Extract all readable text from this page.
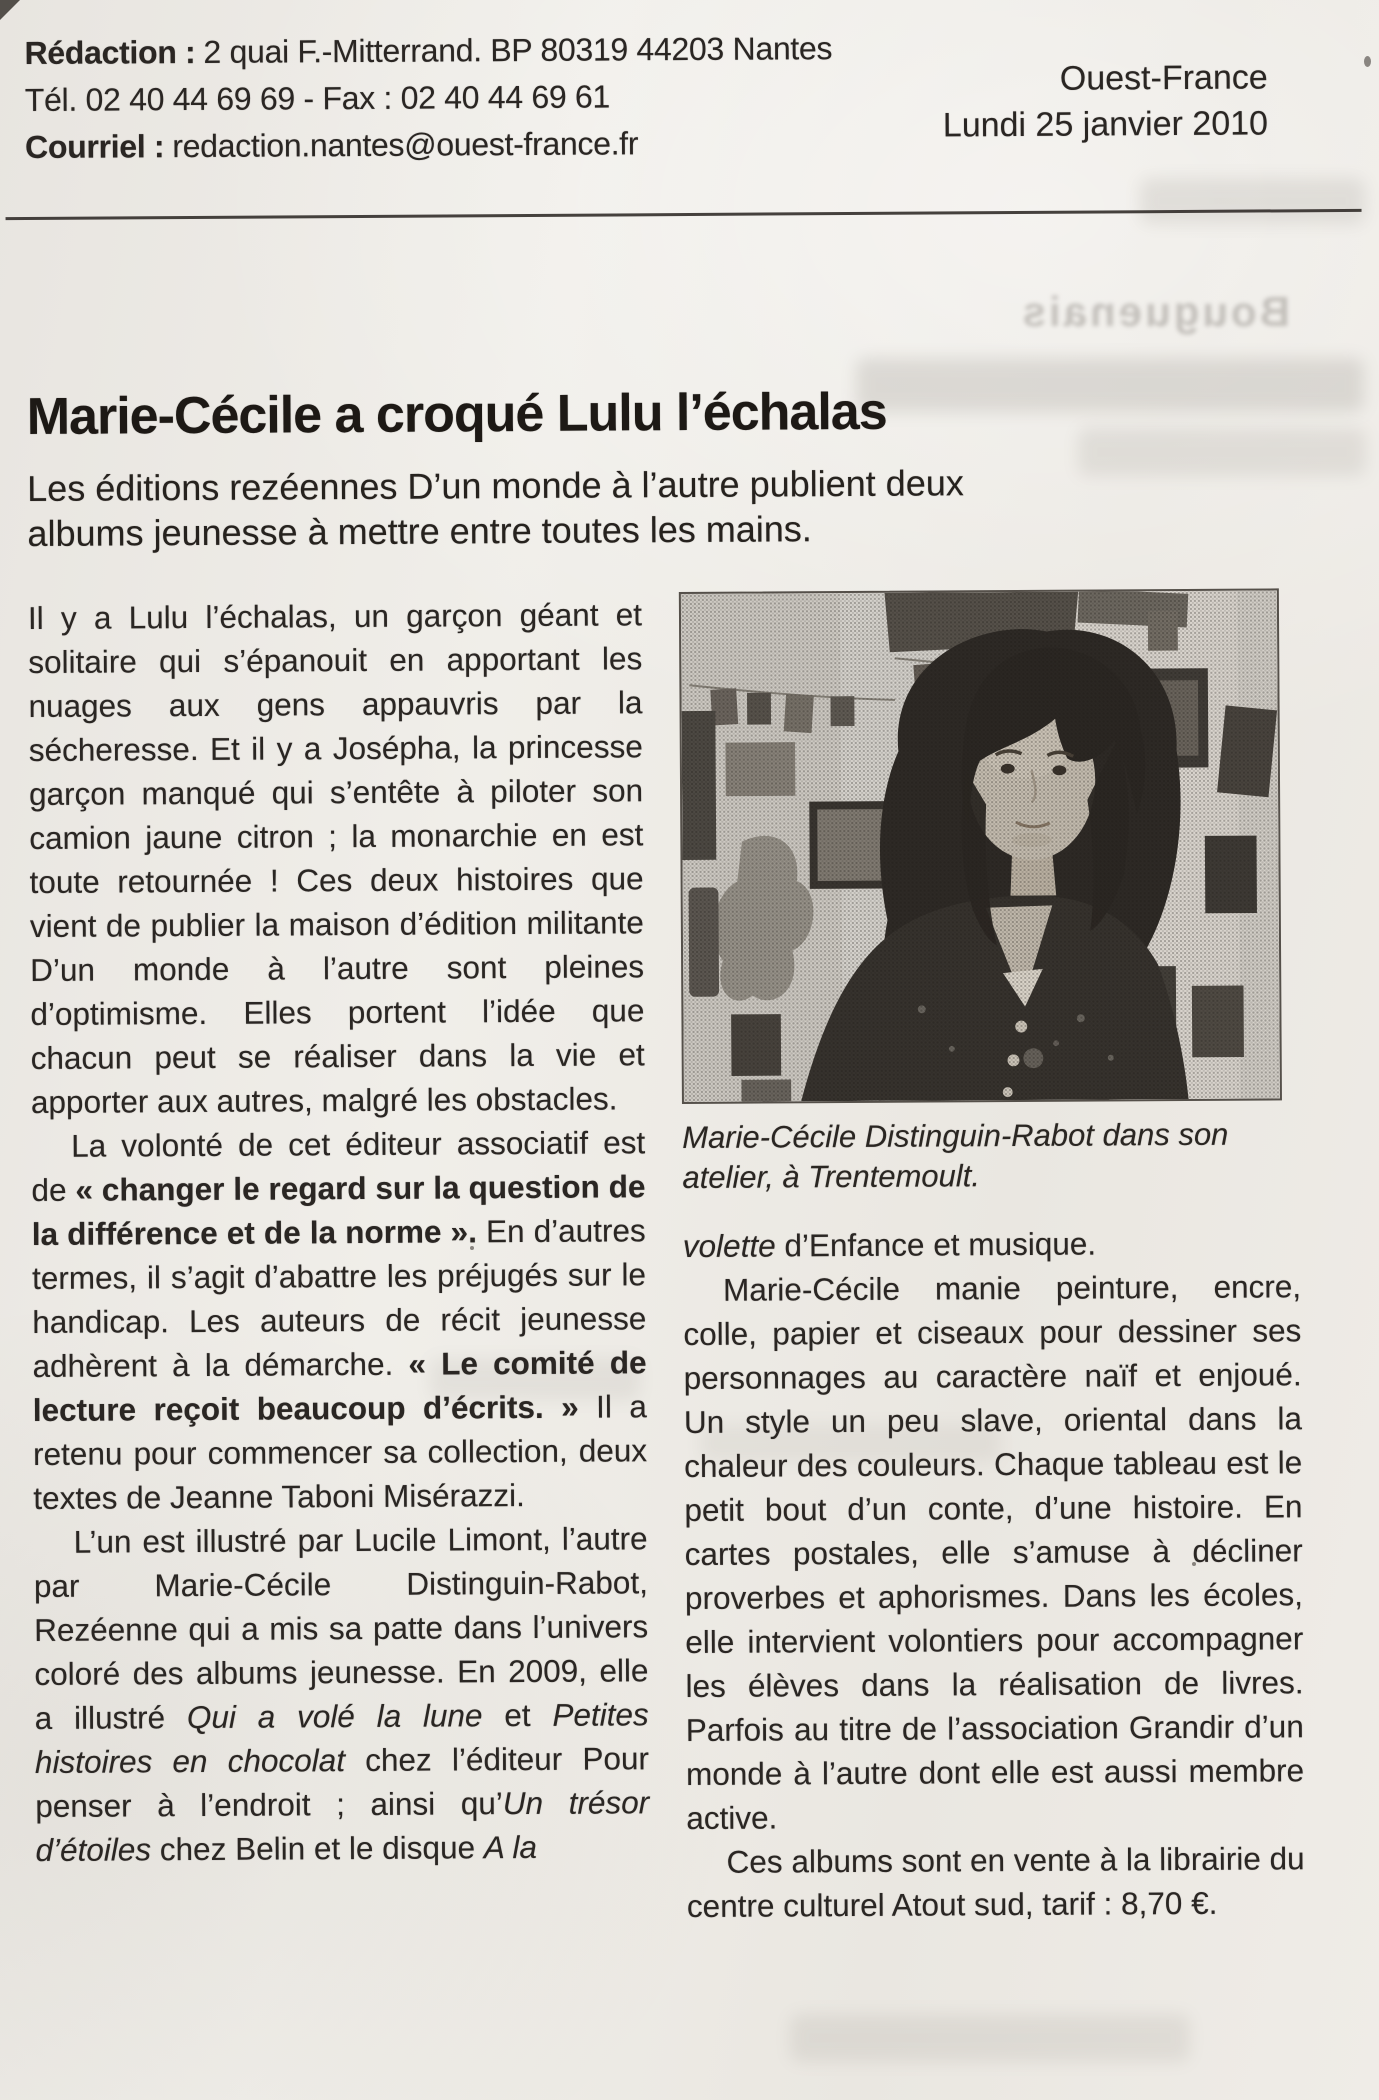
Bouguenais
Rédaction : 2 quai F.-Mitterrand. BP 80319 44203 Nantes
Tél. 02 40 44 69 69 - Fax : 02 40 44 69 61
Courriel : redaction.nantes@ouest-france.fr
Ouest-France
Lundi 25 janvier 2010
Marie-Cécile a croqué Lulu l’échalas
Les éditions rezéennes D’un monde à l’autre publient deux albums jeunesse à mettre entre toutes les mains.

Il y a Lulu l’échalas, un garçon géant et solitaire qui s’épanouit en apportant les nuages aux gens appauvris par la sécheresse. Et il y a Josépha, la princesse garçon manqué qui s’entête à piloter son camion jaune citron ; la monarchie en est toute retournée ! Ces deux histoires que vient de publier la maison d’édition militante D’un monde à l’autre sont pleines d’optimisme. Elles portent l’idée que chacun peut se réaliser dans la vie et apporter aux autres, malgré les obstacles.

La volonté de cet éditeur associatif est de « changer le regard sur la question de la différence et de la norme ». En d’autres termes, il s’agit d’abattre les préjugés sur le handicap. Les auteurs de récit jeunesse adhèrent à la démarche. « Le comité de lecture reçoit beaucoup d’écrits. » Il a retenu pour commencer sa collection, deux textes de Jeanne Taboni Misérazzi.

L’un est illustré par Lucile Limont, l’autre par Marie-Cécile Distinguin-Rabot, Rezéenne qui a mis sa patte dans l’univers coloré des albums jeunesse. En 2009, elle a illustré Qui a volé la lune et Petites histoires en chocolat chez l’éditeur Pour penser à l’endroit ; ainsi qu’Un trésor d’étoiles chez Belin et le disque A la

Marie-Cécile Distinguin-Rabot dans son atelier, à Trentemoult.

volette d’Enfance et musique.

Marie-Cécile manie peinture, encre, colle, papier et ciseaux pour dessiner ses personnages au caractère naïf et enjoué. Un style un peu slave, oriental dans la chaleur des couleurs. Chaque tableau est le petit bout d’un conte, d’une histoire. En cartes postales, elle s’amuse à décliner proverbes et aphorismes. Dans les écoles, elle intervient volontiers pour accompagner les élèves dans la réalisation de livres. Parfois au titre de l’association Grandir d’un monde à l’autre dont elle est aussi membre active.

Ces albums sont en vente à la librairie du centre culturel Atout sud, tarif : 8,70 €.
